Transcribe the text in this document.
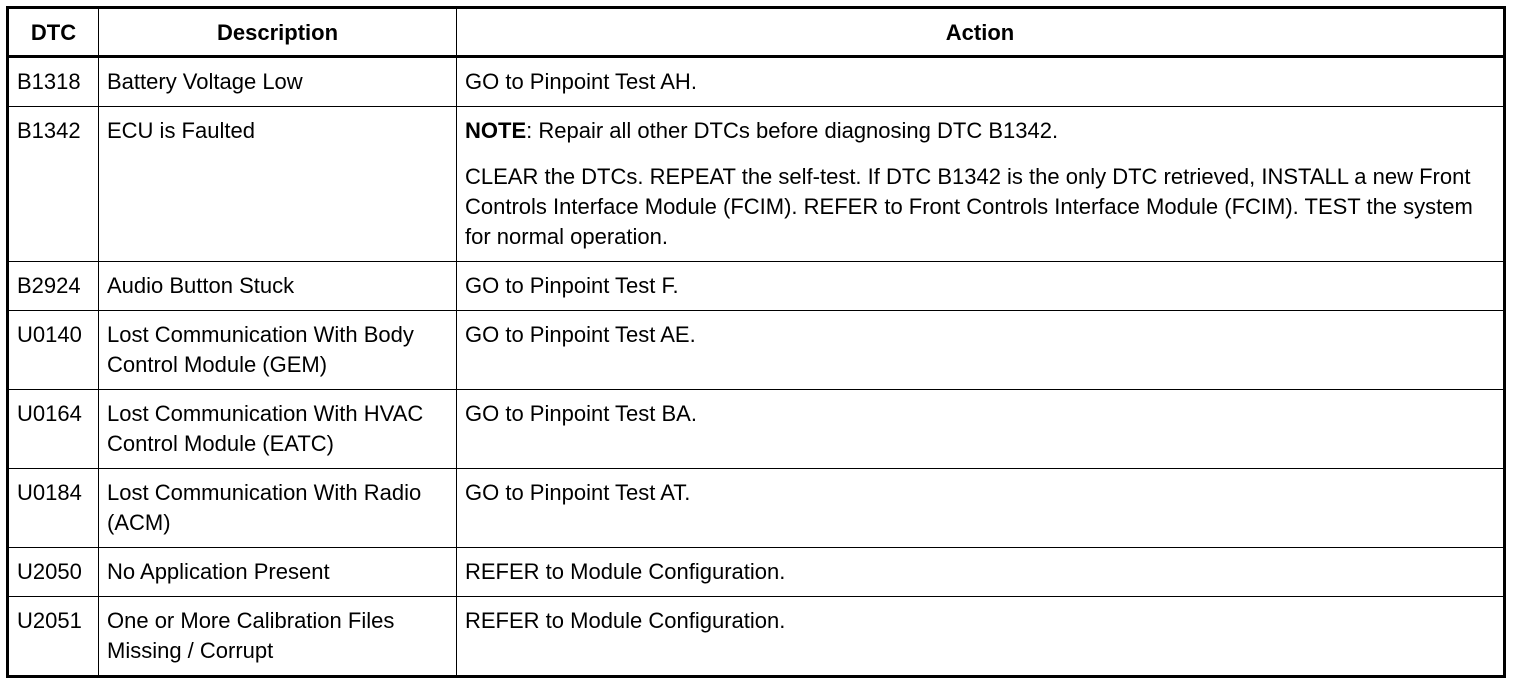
DTC	Description	Action
B1318	Battery Voltage Low	GO to Pinpoint Test AH.
B1342	ECU is Faulted	NOTE: Repair all other DTCs before diagnosing DTC B1342.
CLEAR the DTCs. REPEAT the self-test. If DTC B1342 is the only DTC retrieved, INSTALL a new Front Controls Interface Module (FCIM). REFER to Front Controls Interface Module (FCIM). TEST the system for normal operation.

B2924	Audio Button Stuck	GO to Pinpoint Test F.
U0140	Lost Communication With Body Control Module (GEM)	GO to Pinpoint Test AE.
U0164	Lost Communication With HVAC Control Module (EATC)	GO to Pinpoint Test BA.
U0184	Lost Communication With Radio (ACM)	GO to Pinpoint Test AT.
U2050	No Application Present	REFER to Module Configuration.
U2051	One or More Calibration Files Missing / Corrupt	REFER to Module Configuration.
